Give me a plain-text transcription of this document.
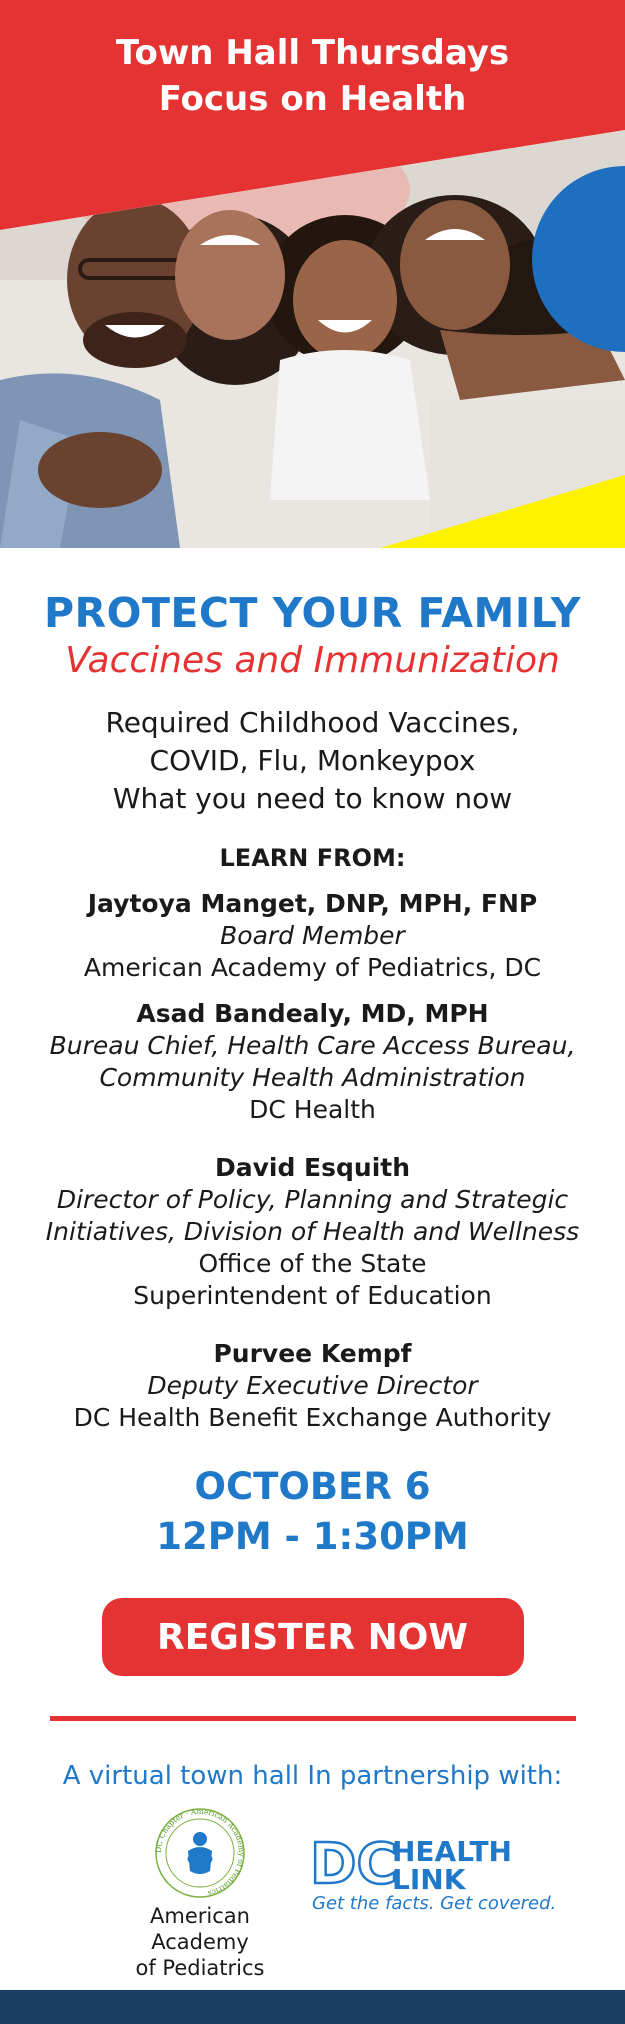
Town Hall Thursdays
Focus on Health
PROTECT YOUR FAMILY
Vaccines and Immunization
Required Childhood Vaccines,
COVID, Flu, Monkeypox
What you need to know now
LEARN FROM:
Jaytoya Manget, DNP, MPH, FNP
Board Member
American Academy of Pediatrics, DC
Asad Bandealy, MD, MPH
Bureau Chief, Health Care Access Bureau,
Community Health Administration
DC Health
David Esquith
Director of Policy, Planning and Strategic
Initiatives, Division of Health and Wellness
Office of the State
Superintendent of Education
Purvee Kempf
Deputy Executive Director
DC Health Benefit Exchange Authority
OCTOBER 6
12PM - 1:30PM
REGISTER NOW
A virtual town hall In partnership with:
DC Chapter · American Academy of Pediatrics
American Academy
of Pediatrics
DC
HEALTH
LINK
Get the facts. Get covered.
